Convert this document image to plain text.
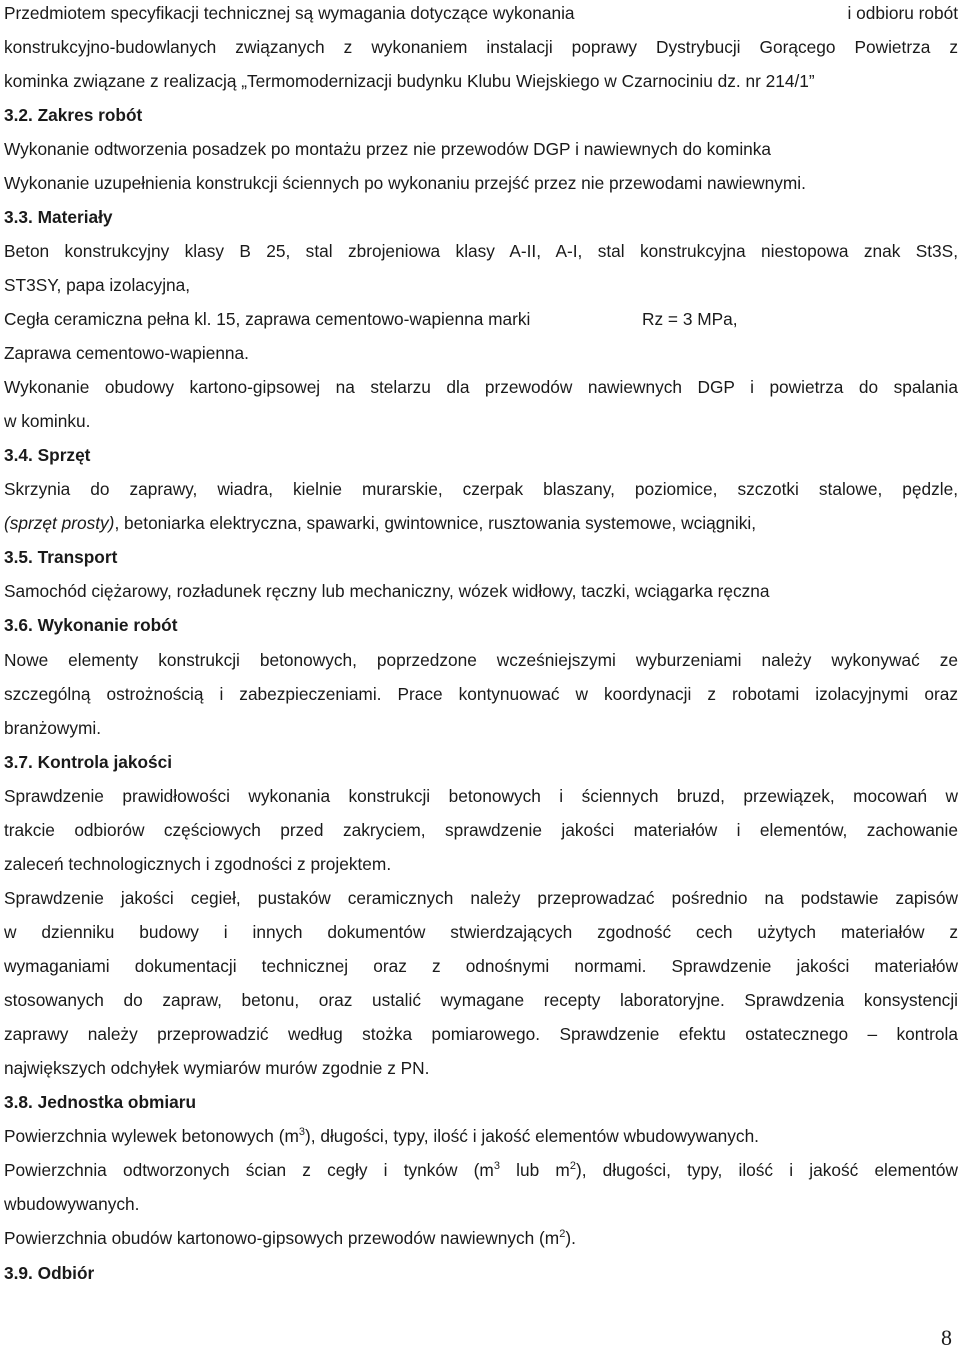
Przedmiotem specyfikacji technicznej są wymagania dotyczące wykonania	i odbioru robót
konstrukcyjno-budowlanych związanych z wykonaniem instalacji poprawy Dystrybucji Gorącego Powietrza z
kominka związane z realizacją „Termomodernizacji budynku Klubu Wiejskiego w Czarnociniu dz. nr 214/1”
3.2. Zakres robót
Wykonanie odtworzenia posadzek po montażu przez nie przewodów DGP i nawiewnych do kominka
Wykonanie uzupełnienia konstrukcji ściennych po wykonaniu przejść przez nie przewodami nawiewnymi.
3.3. Materiały
Beton konstrukcyjny klasy B 25, stal zbrojeniowa klasy A-II, A-I, stal konstrukcyjna niestopowa znak St3S,
ST3SY, papa izolacyjna,
Cegła ceramiczna pełna kl. 15, zaprawa cementowo-wapienna marki	Rz = 3 MPa,
Zaprawa cementowo-wapienna.
Wykonanie obudowy kartono-gipsowej na stelarzu dla przewodów nawiewnych DGP i powietrza do spalania
w kominku.
3.4. Sprzęt
Skrzynia do zaprawy, wiadra, kielnie murarskie, czerpak blaszany, poziomice, szczotki stalowe, pędzle,
(sprzęt prosty), betoniarka elektryczna, spawarki, gwintownice, rusztowania systemowe, wciągniki,
3.5. Transport
Samochód ciężarowy, rozładunek ręczny lub mechaniczny, wózek widłowy, taczki, wciągarka ręczna
3.6. Wykonanie robót
Nowe elementy konstrukcji betonowych, poprzedzone wcześniejszymi wyburzeniami należy wykonywać ze
szczególną ostrożnością i zabezpieczeniami. Prace kontynuować w koordynacji z robotami izolacyjnymi oraz
branżowymi.
3.7. Kontrola jakości
Sprawdzenie prawidłowości wykonania konstrukcji betonowych i ściennych bruzd, przewiązek, mocowań w
trakcie odbiorów częściowych przed zakryciem, sprawdzenie jakości materiałów i elementów, zachowanie
zaleceń technologicznych i zgodności z projektem.
Sprawdzenie jakości cegieł, pustaków ceramicznych należy przeprowadzać pośrednio na podstawie zapisów
w dzienniku budowy i innych dokumentów stwierdzających zgodność cech użytych materiałów z
wymaganiami dokumentacji technicznej oraz z odnośnymi normami. Sprawdzenie jakości materiałów
stosowanych do zapraw, betonu, oraz ustalić wymagane recepty laboratoryjne. Sprawdzenia konsystencji
zaprawy należy przeprowadzić według stożka pomiarowego. Sprawdzenie efektu ostatecznego – kontrola
największych odchyłek wymiarów murów zgodnie z PN.
3.8. Jednostka obmiaru
Powierzchnia wylewek betonowych $(m^3)$, długości, typy, ilość i jakość elementów wbudowywanych.
Powierzchnia odtworzonych ścian z cegły i tynków ($m^3$ lub $m^2$), długości, typy, ilość i jakość elementów
wbudowywanych.
Powierzchnia obudów kartonowo-gipsowych przewodów nawiewnych $(m^2)$.
3.9. Odbiór
8
